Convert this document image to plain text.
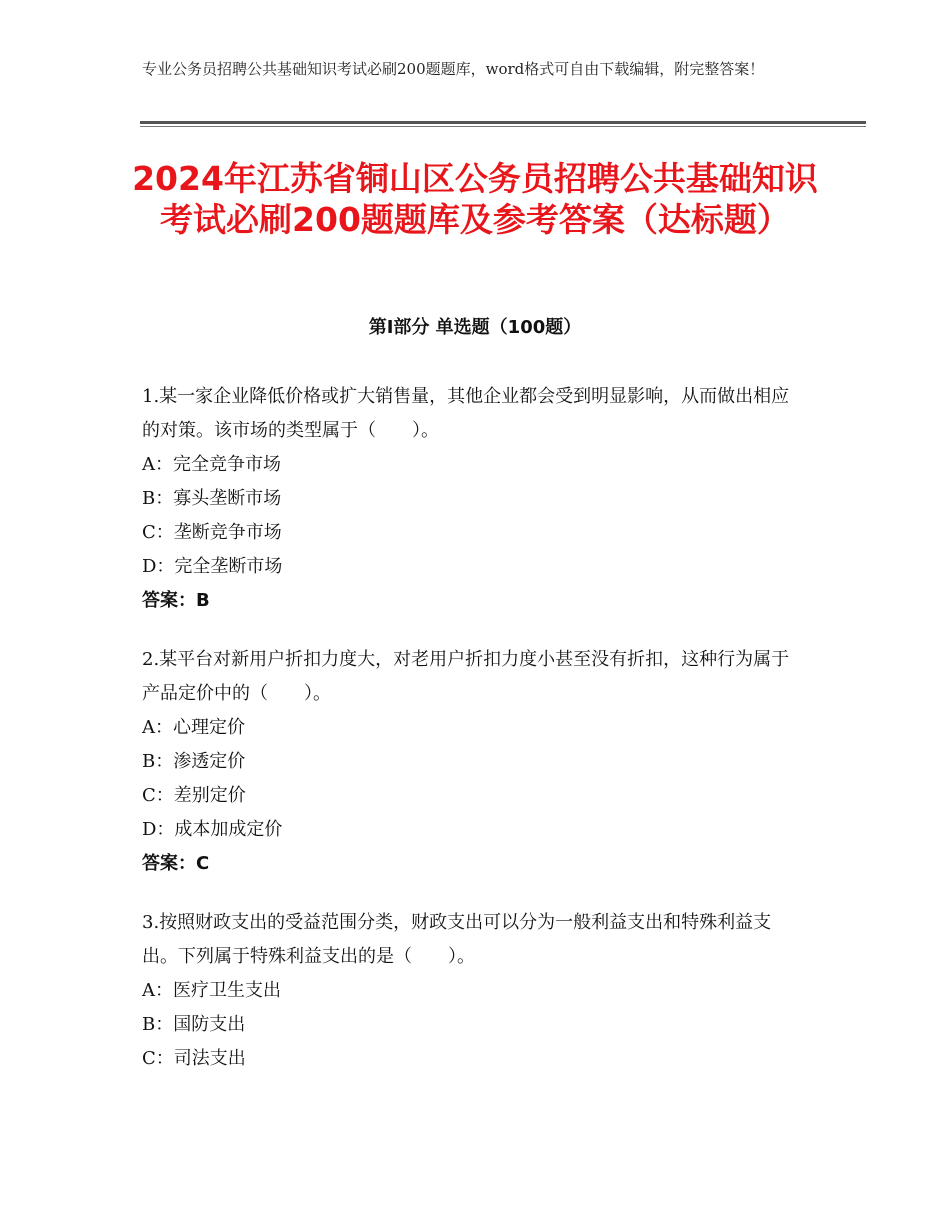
专业公务员招聘公共基础知识考试必刷200题题库，word格式可自由下载编辑，附完整答案！

2024年江苏省铜山区公务员招聘公共基础知识考试必刷200题题库及参考答案（达标题）
第Ⅰ部分 单选题（100题）

1.某一家企业降低价格或扩大销售量，其他企业都会受到明显影响，从而做出相应的对策。该市场的类型属于（　　）。

A：完全竞争市场

B：寡头垄断市场

C：垄断竞争市场

D：完全垄断市场

答案：B

2.某平台对新用户折扣力度大，对老用户折扣力度小甚至没有折扣，这种行为属于产品定价中的（　　）。

A：心理定价

B：渗透定价

C：差别定价

D：成本加成定价

答案：C

3.按照财政支出的受益范围分类，财政支出可以分为一般利益支出和特殊利益支出。下列属于特殊利益支出的是（　　）。

A：医疗卫生支出

B：国防支出

C：司法支出
